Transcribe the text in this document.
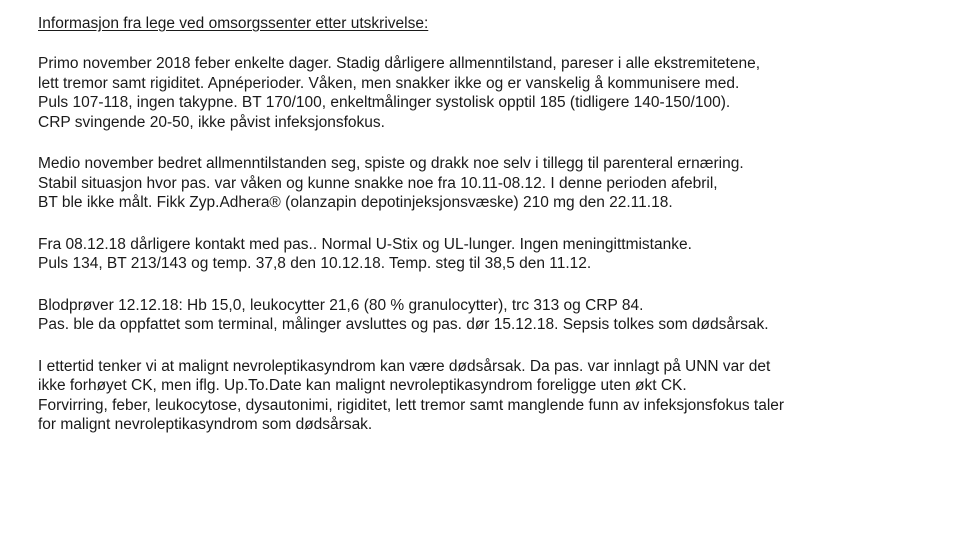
Informasjon fra lege ved omsorgssenter etter utskrivelse:
Primo november 2018 feber enkelte dager. Stadig dårligere allmenntilstand, pareser i alle ekstremitetene,
lett tremor samt rigiditet. Apnéperioder. Våken, men snakker ikke og er vanskelig å kommunisere med.
Puls 107-118, ingen takypne. BT 170/100, enkeltmålinger systolisk opptil 185 (tidligere 140-150/100).
CRP svingende 20-50, ikke påvist infeksjonsfokus.
Medio november bedret allmenntilstanden seg, spiste og drakk noe selv i tillegg til parenteral ernæring.
Stabil situasjon hvor pas. var våken og kunne snakke noe fra 10.11-08.12. I denne perioden afebril,
BT ble ikke målt. Fikk Zyp.Adhera® (olanzapin depotinjeksjonsvæske) 210 mg den 22.11.18.
Fra 08.12.18 dårligere kontakt med pas.. Normal U-Stix og UL-lunger. Ingen meningittmistanke.
Puls 134, BT 213/143 og temp. 37,8 den 10.12.18. Temp. steg til 38,5 den 11.12.
Blodprøver 12.12.18: Hb 15,0, leukocytter 21,6 (80 % granulocytter), trc 313 og CRP 84.
Pas. ble da oppfattet som terminal, målinger avsluttes og pas. dør 15.12.18. Sepsis tolkes som dødsårsak.
I ettertid tenker vi at malignt nevroleptikasyndrom kan være dødsårsak. Da pas. var innlagt på UNN var det
ikke forhøyet CK, men iflg. Up.To.Date kan malignt nevroleptikasyndrom foreligge uten økt CK.
Forvirring, feber, leukocytose, dysautonimi, rigiditet, lett tremor samt manglende funn av infeksjonsfokus taler
for malignt nevroleptikasyndrom som dødsårsak.
